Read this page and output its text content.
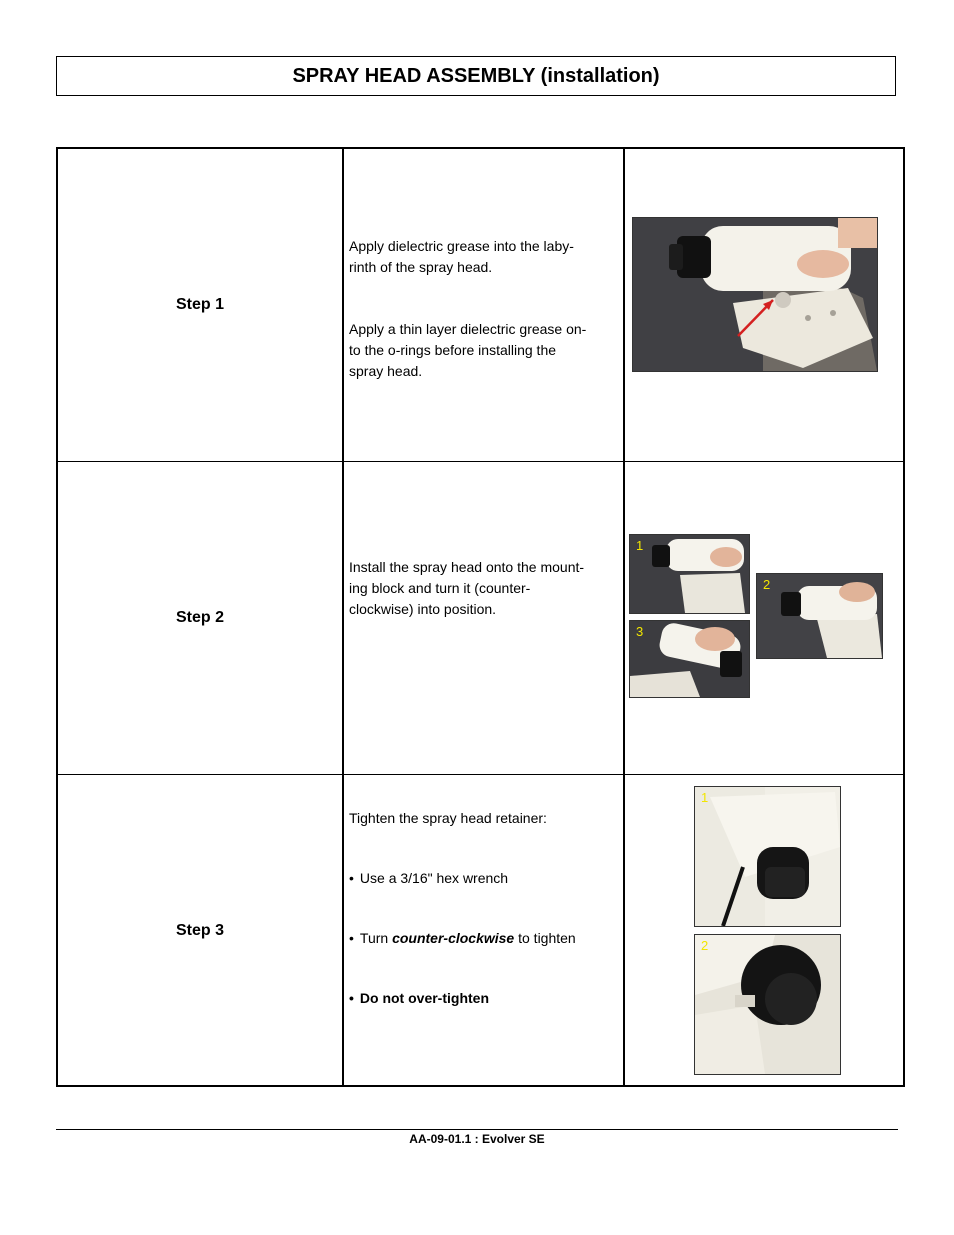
SPRAY HEAD ASSEMBLY (installation)
Step 1

Apply dielectric grease into the laby-
rinth of the spray head.

Apply a thin layer dielectric grease on-
to the o-rings before installing the
spray head.

Step 2

Install the spray head onto the mount-
ing block and turn it (counter-
clockwise) into position.

1
2
3
Step 3

Tighten the spray head retainer:

• Use a 3/16" hex wrench

• Turn counter-clockwise to tighten

• Do not over-tighten

1
2
AA-09-01.1 : Evolver SE
